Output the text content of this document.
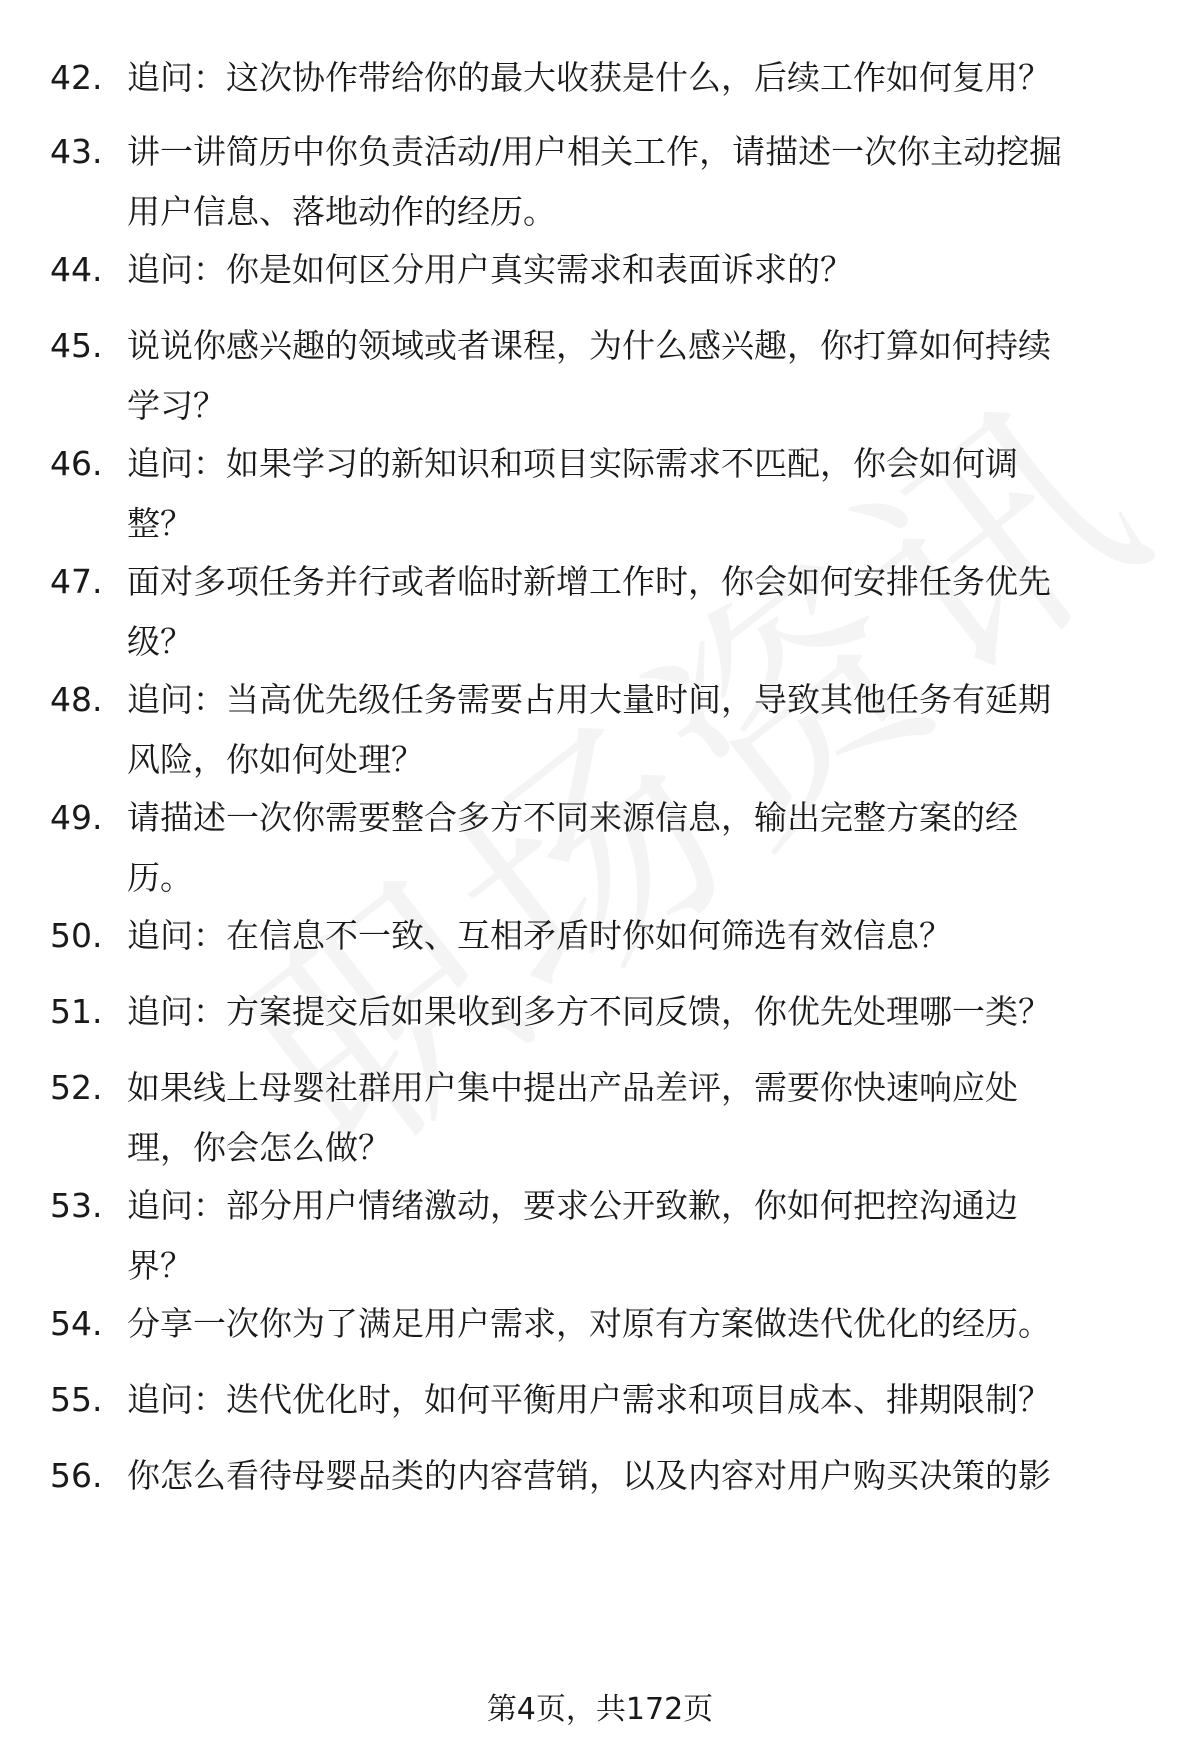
42. 追问：这次协作带给你的最大收获是什么，后续工作如何复用？
43. 讲一讲简历中你负责活动/用户相关工作，请描述一次你主动挖掘
用户信息、落地动作的经历。
44. 追问：你是如何区分用户真实需求和表面诉求的？
45. 说说你感兴趣的领域或者课程，为什么感兴趣，你打算如何持续
学习？
46. 追问：如果学习的新知识和项目实际需求不匹配，你会如何调
整？
47. 面对多项任务并行或者临时新增工作时，你会如何安排任务优先
级？
48. 追问：当高优先级任务需要占用大量时间，导致其他任务有延期
风险，你如何处理？
49. 请描述一次你需要整合多方不同来源信息，输出完整方案的经
历。
50. 追问：在信息不一致、互相矛盾时你如何筛选有效信息？
51. 追问：方案提交后如果收到多方不同反馈，你优先处理哪一类？
52. 如果线上母婴社群用户集中提出产品差评，需要你快速响应处
理，你会怎么做？
53. 追问：部分用户情绪激动，要求公开致歉，你如何把控沟通边
界？
54. 分享一次你为了满足用户需求，对原有方案做迭代优化的经历。
55. 追问：迭代优化时，如何平衡用户需求和项目成本、排期限制？
56. 你怎么看待母婴品类的内容营销，以及内容对用户购买决策的影
第4页，共172页
